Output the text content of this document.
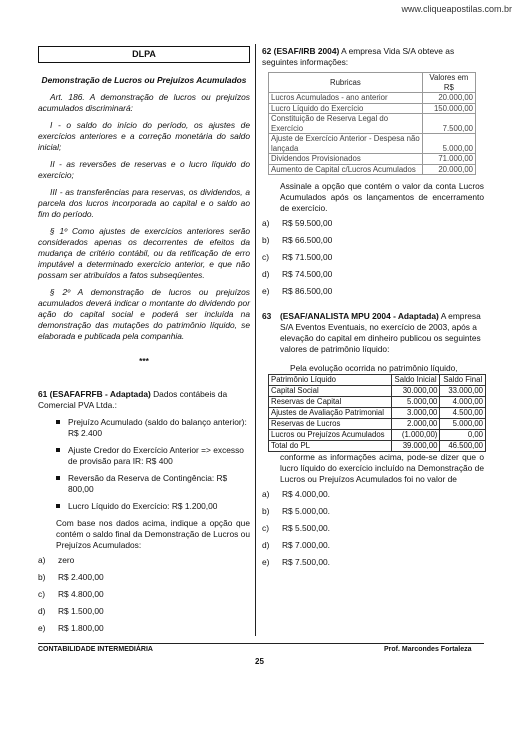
www.cliqueapostilas.com.br
DLPA
Demonstração de Lucros ou Prejuízos Acumulados

Art. 186. A demonstração de lucros ou prejuízos acumulados discriminará:

I - o saldo do início do período, os ajustes de exercícios anteriores e a correção monetária do saldo inicial;

II - as reversões de reservas e o lucro líquido do exercício;

III - as transferências para reservas, os dividendos, a parcela dos lucros incorporada ao capital e o saldo ao fim do período.

§ 1º Como ajustes de exercícios anteriores serão considerados apenas os decorrentes de efeitos da mudança de critério contábil, ou da retificação de erro imputável a determinado exercício anterior, e que não possam ser atribuídos a fatos subseqüentes.

§ 2º A demonstração de lucros ou prejuízos acumulados deverá indicar o montante do dividendo por ação do capital social e poderá ser incluída na demonstração das mutações do patrimônio líquido, se elaborada e publicada pela companhia.

***

61 (ESAFAFRFB - Adaptada) Dados contábeis da Comercial PVA Ltda.:

Prejuízo Acumulado (saldo do balanço anterior): R$ 2.400
Ajuste Credor do Exercício Anterior => excesso de provisão para IR: R$ 400
Reversão da Reserva de Contingência: R$ 800,00
Lucro Líquido do Exercício: R$ 1.200,00

Com base nos dados acima, indique a opção que contém o saldo final da Demonstração de Lucros ou Prejuízos Acumulados:

a)	zero
b)	R$ 2.400,00
c)	R$ 4.800,00
d)	R$ 1.500,00
e)	R$ 1.800,00

62 (ESAF/IRB 2004) A empresa Vida S/A obteve as seguintes informações:

Rubricas	Valores em R$
Lucros Acumulados - ano anterior	20.000,00
Lucro Líquido do Exercício	150.000,00
Constituição de Reserva Legal do Exercício	7.500,00
Ajuste de Exercício Anterior - Despesa não lançada	5.000,00
Dividendos Provisionados	71.000,00
Aumento de Capital c/Lucros Acumulados	20.000,00

Assinale a opção que contém o valor da conta Lucros Acumulados após os lançamentos de encerramento de exercício.

a)	R$ 59.500,00
b)	R$ 66.500,00
c)	R$ 71.500,00
d)	R$ 74.500,00
e)	R$ 86.500,00

63	(ESAF/ANALISTA MPU 2004 - Adaptada) A empresa S/A Eventos Eventuais, no exercício de 2003, após a elevação do capital em dinheiro publicou os seguintes valores de patrimônio líquido:

Pela evolução ocorrida no patrimônio líquido,

Patrimônio Líquido	Saldo Inicial	Saldo Final
Capital Social	30.000,00	33.000,00
Reservas de Capital	5.000,00	4.000,00
Ajustes de Avaliação Patrimonial	3.000,00	4.500,00
Reservas de Lucros	2.000,00	5.000,00
Lucros ou Prejuízos Acumulados	(1.000,00)	0,00
Total do PL	39.000,00	46.500,00

conforme as informações acima, pode-se dizer que o lucro líquido do exercício incluído na Demonstração de Lucros ou Prejuízos Acumulados foi no valor de

a)	R$ 4.000,00.
b)	R$ 5.000,00.
c)	R$ 5.500,00.
d)	R$ 7.000,00.
e)	R$ 7.500,00.
CONTABILIDADE INTERMEDIÁRIA	Prof. Marcondes Fortaleza
25
